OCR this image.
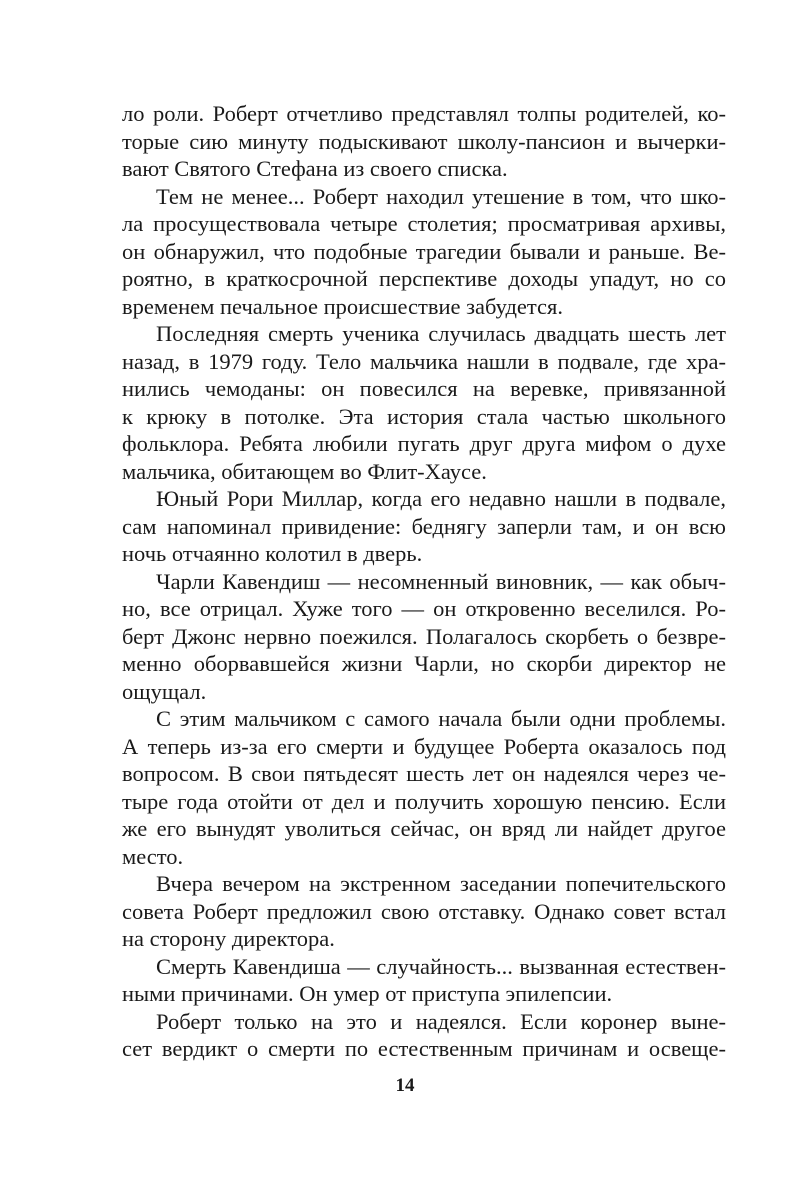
ло роли. Роберт отчетливо представлял толпы родителей, ко-
торые сию минуту подыскивают школу-пансион и вычерки-
вают Святого Стефана из своего списка.
Тем не менее... Роберт находил утешение в том, что шко-
ла просуществовала четыре столетия; просматривая архивы,
он обнаружил, что подобные трагедии бывали и раньше. Ве-
роятно, в краткосрочной перспективе доходы упадут, но со
временем печальное происшествие забудется.
Последняя смерть ученика случилась двадцать шесть лет
назад, в 1979 году. Тело мальчика нашли в подвале, где хра-
нились чемоданы: он повесился на веревке, привязанной
к крюку в потолке. Эта история стала частью школьного
фольклора. Ребята любили пугать друг друга мифом о духе
мальчика, обитающем во Флит-Хаусе.
Юный Рори Миллар, когда его недавно нашли в подвале,
сам напоминал привидение: беднягу заперли там, и он всю
ночь отчаянно колотил в дверь.
Чарли Кавендиш — несомненный виновник, — как обыч-
но, все отрицал. Хуже того — он откровенно веселился. Ро-
берт Джонс нервно поежился. Полагалось скорбеть о безвре-
менно оборвавшейся жизни Чарли, но скорби директор не
ощущал.
С этим мальчиком с самого начала были одни проблемы.
А теперь из-за его смерти и будущее Роберта оказалось под
вопросом. В свои пятьдесят шесть лет он надеялся через че-
тыре года отойти от дел и получить хорошую пенсию. Если
же его вынудят уволиться сейчас, он вряд ли найдет другое
место.
Вчера вечером на экстренном заседании попечительского
совета Роберт предложил свою отставку. Однако совет встал
на сторону директора.
Смерть Кавендиша — случайность... вызванная естествен-
ными причинами. Он умер от приступа эпилепсии.
Роберт только на это и надеялся. Если коронер выне-
сет вердикт о смерти по естественным причинам и освеще-
14
